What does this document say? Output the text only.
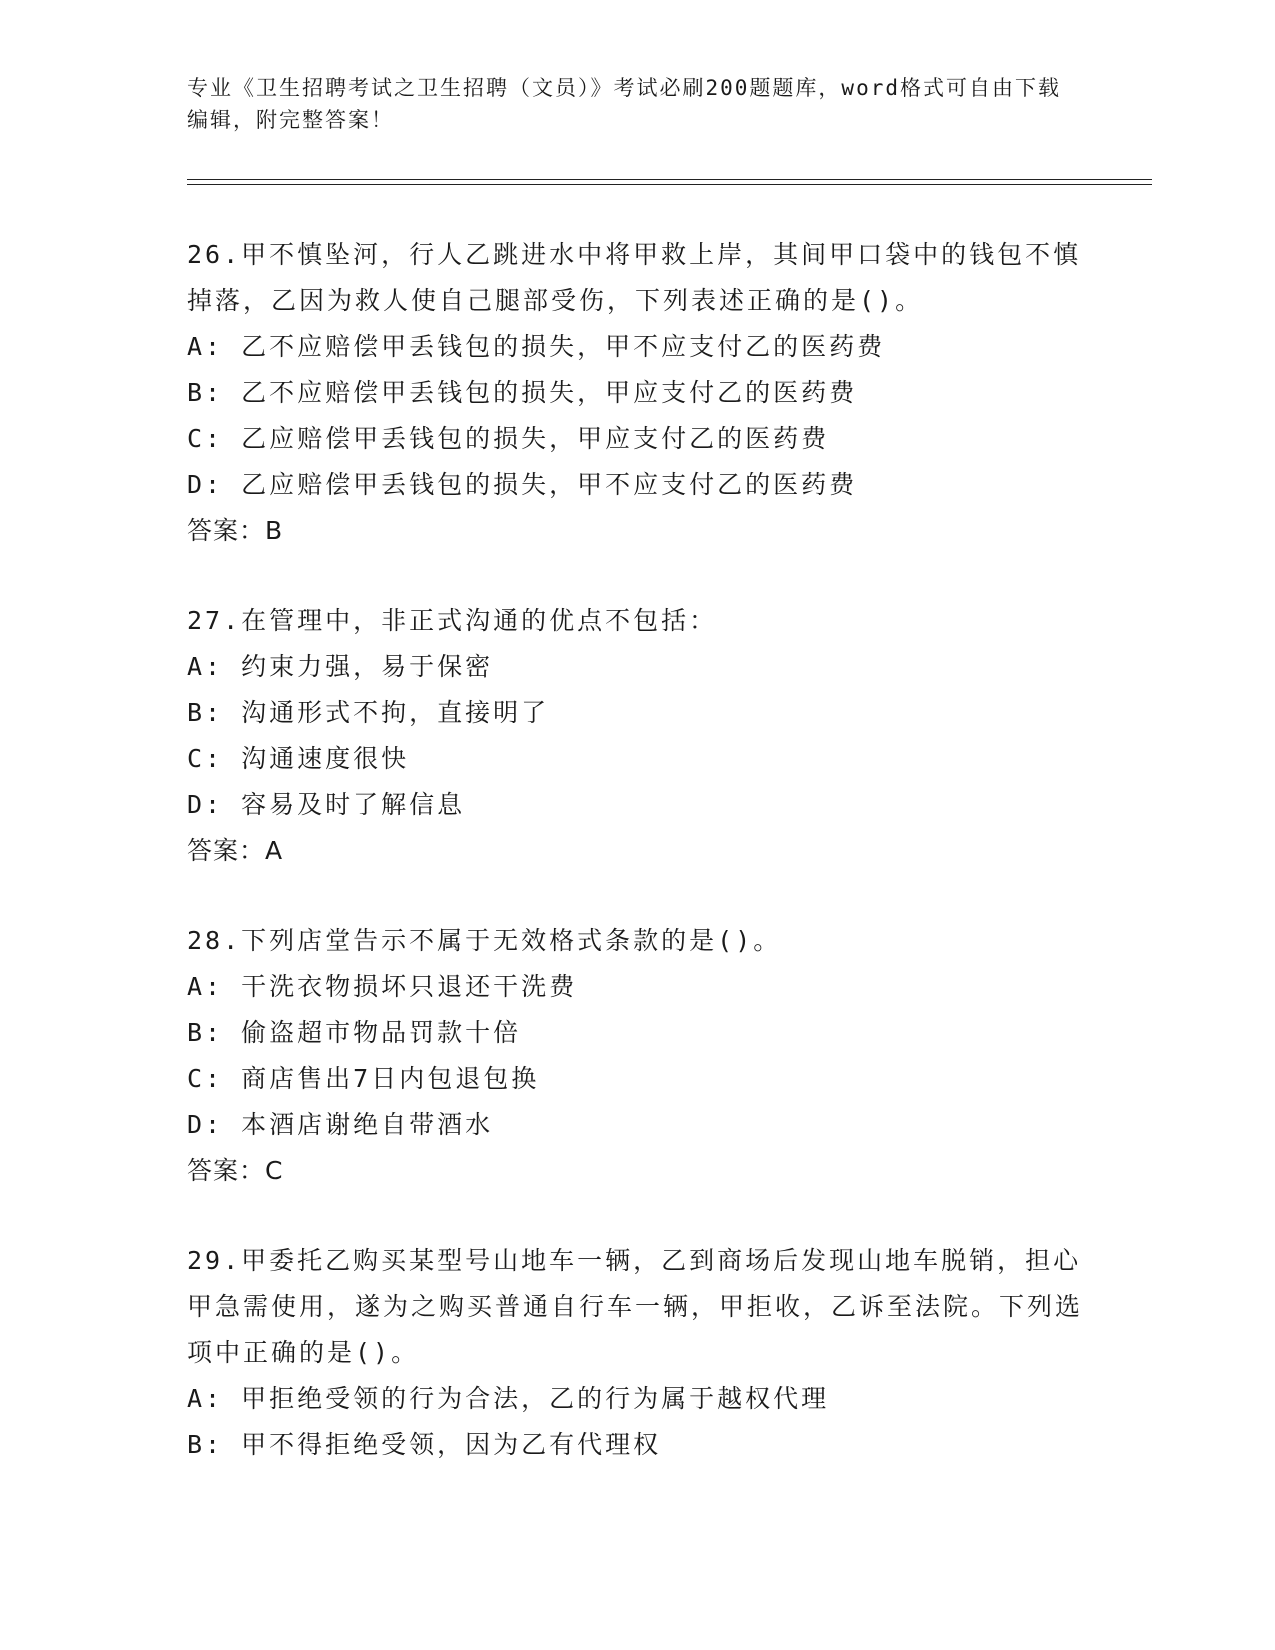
专业《卫生招聘考试之卫生招聘（文员）》考试必刷200题题库，word格式可自由下载编辑，附完整答案！
26.甲不慎坠河，行人乙跳进水中将甲救上岸，其间甲口袋中的钱包不慎掉落，乙因为救人使自己腿部受伤，下列表述正确的是()。
A: 乙不应赔偿甲丢钱包的损失，甲不应支付乙的医药费
B: 乙不应赔偿甲丢钱包的损失，甲应支付乙的医药费
C: 乙应赔偿甲丢钱包的损失，甲应支付乙的医药费
D: 乙应赔偿甲丢钱包的损失，甲不应支付乙的医药费
答案：B
27.在管理中，非正式沟通的优点不包括：
A: 约束力强，易于保密
B: 沟通形式不拘，直接明了
C: 沟通速度很快
D: 容易及时了解信息
答案：A
28.下列店堂告示不属于无效格式条款的是()。
A: 干洗衣物损坏只退还干洗费
B: 偷盗超市物品罚款十倍
C: 商店售出7日内包退包换
D: 本酒店谢绝自带酒水
答案：C
29.甲委托乙购买某型号山地车一辆，乙到商场后发现山地车脱销，担心甲急需使用，遂为之购买普通自行车一辆，甲拒收，乙诉至法院。下列选项中正确的是()。
A: 甲拒绝受领的行为合法，乙的行为属于越权代理
B: 甲不得拒绝受领，因为乙有代理权
